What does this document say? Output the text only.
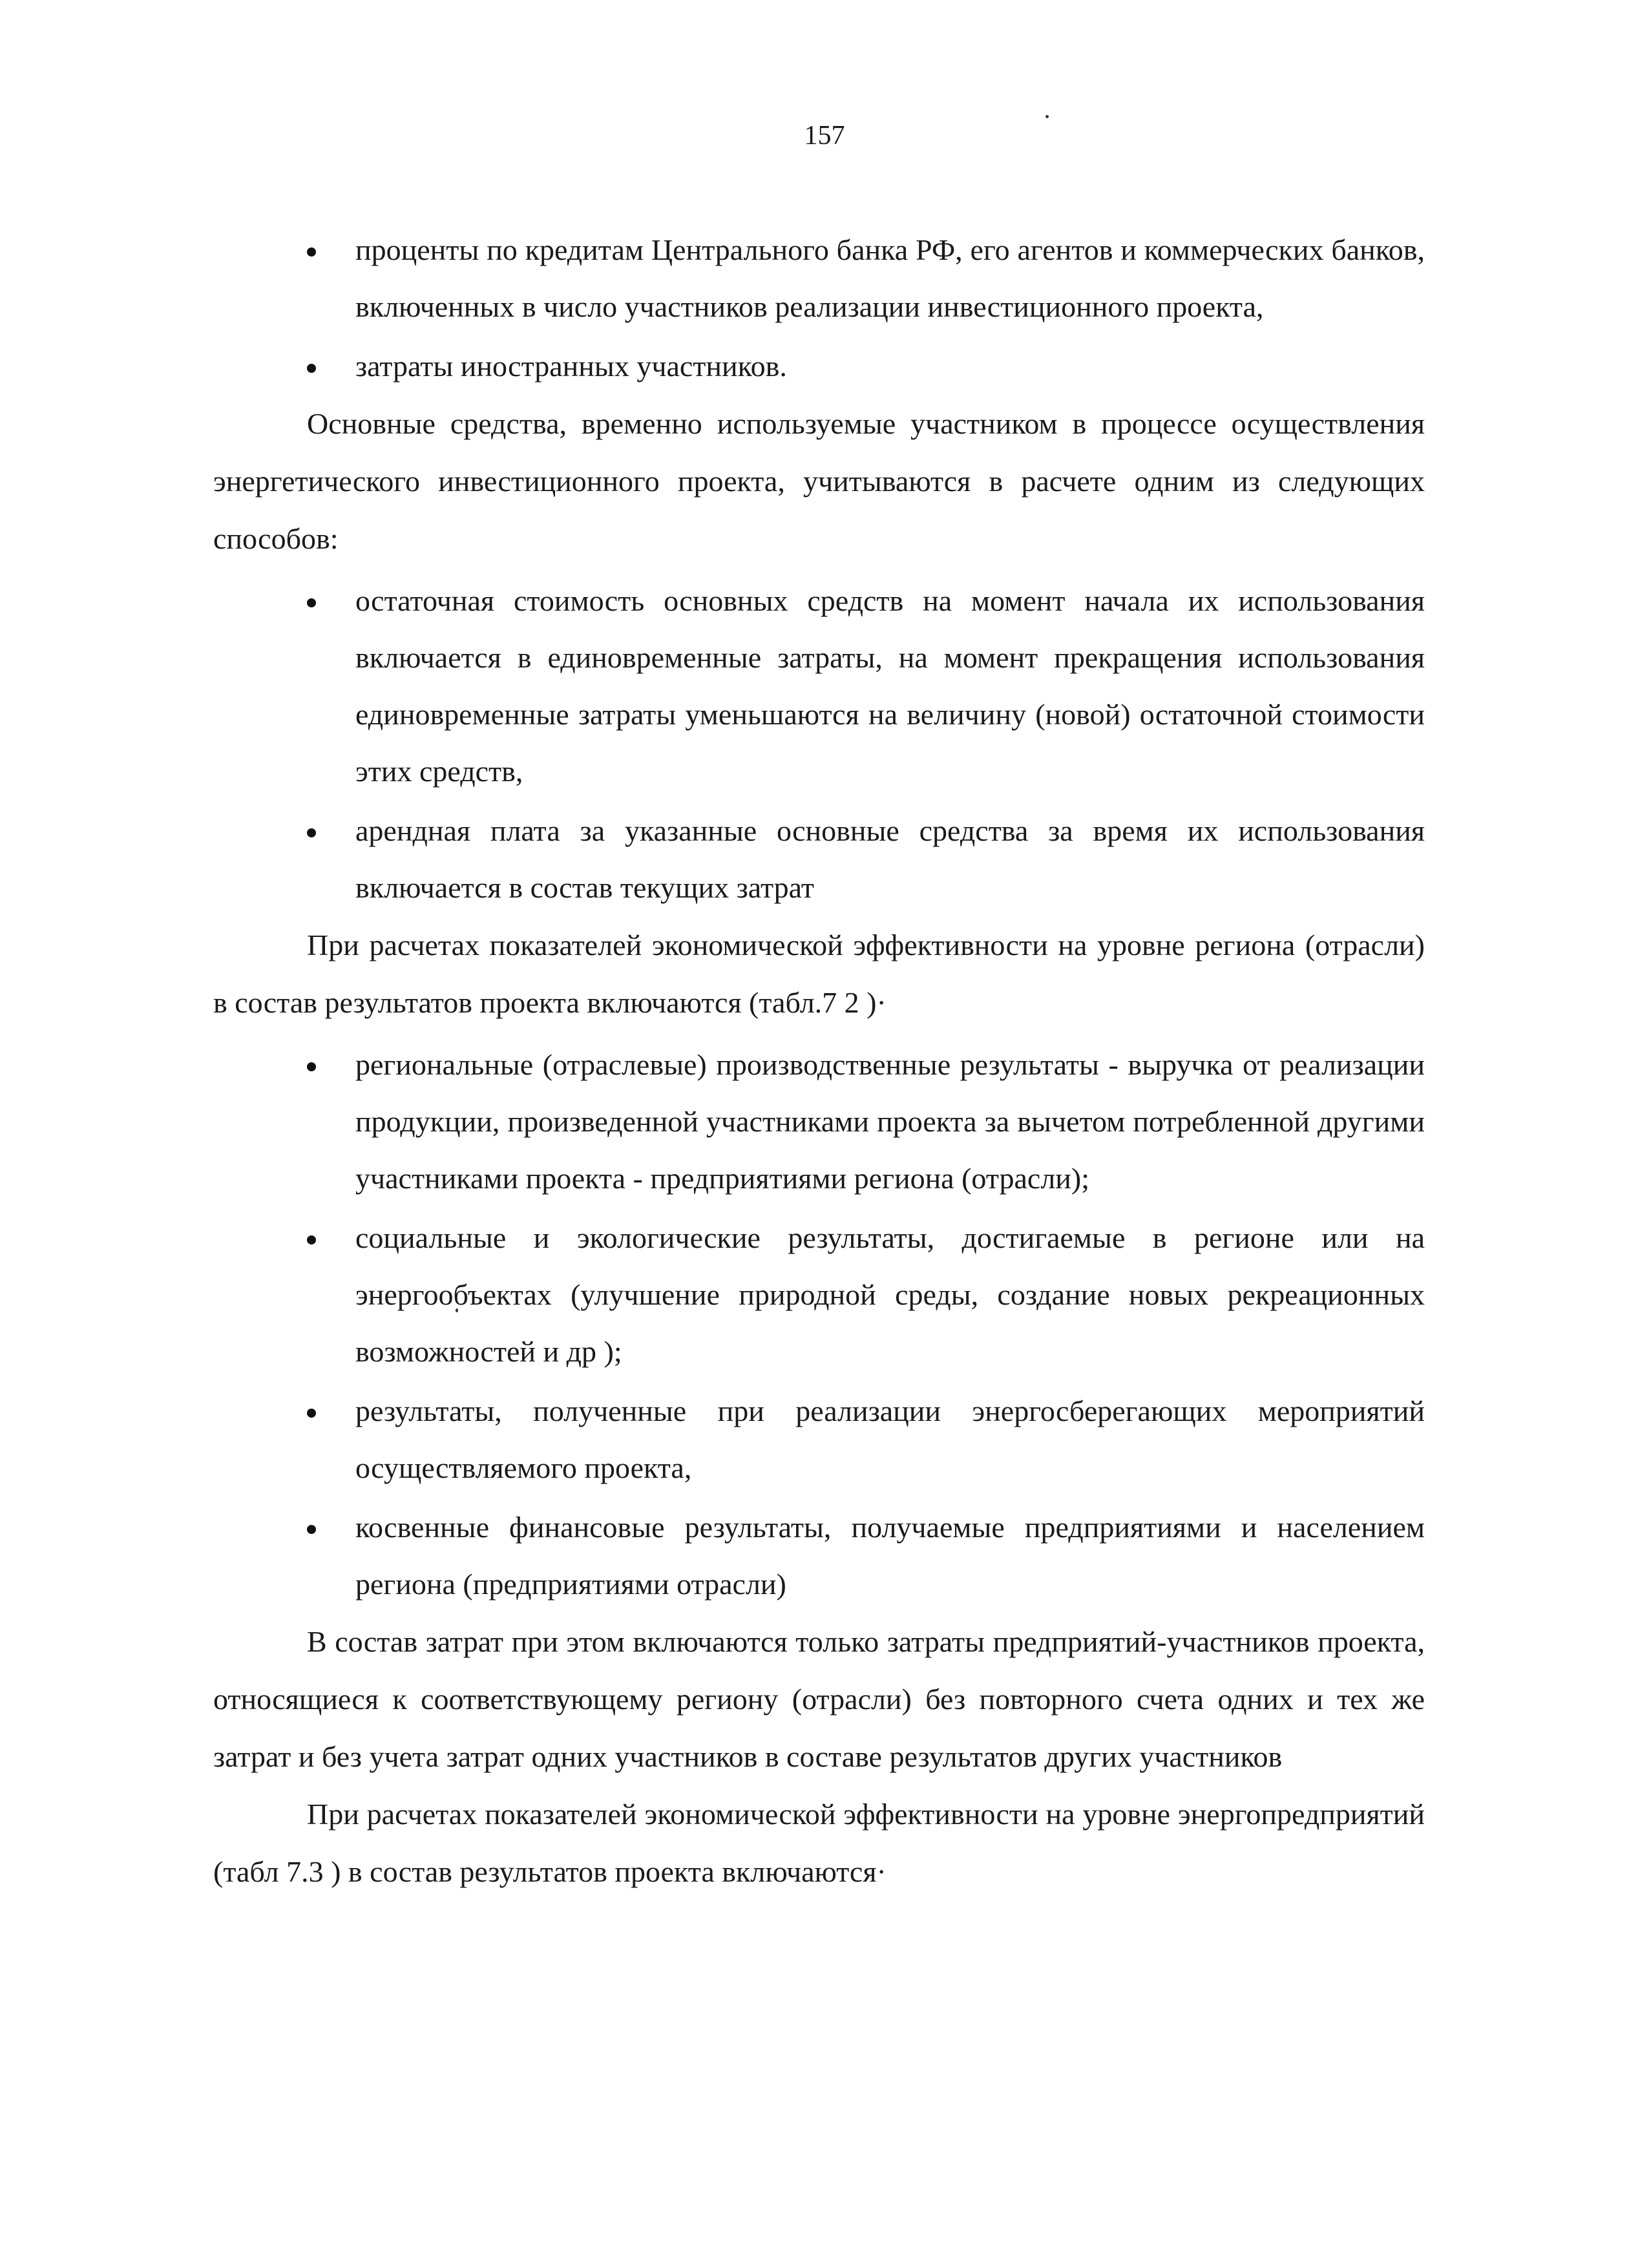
157
проценты по кредитам Центрального банка РФ, его агентов и коммерческих банков, включенных в число участников реализации инвестиционного проекта,
затраты иностранных участников.
Основные средства, временно используемые участником в процессе осуществления энергетического инвестиционного проекта, учитываются в расчете одним из следующих способов:
остаточная стоимость основных средств на момент начала их использования включается в единовременные затраты, на момент прекращения использования единовременные затраты уменьшаются на величину (новой) остаточной стоимости этих средств,
арендная плата за указанные основные средства за время их использования включается в состав текущих затрат
При расчетах показателей экономической эффективности на уровне региона (отрасли) в состав результатов проекта включаются (табл.7 2 )·
региональные (отраслевые) производственные результаты - выручка от реализации продукции, произведенной участниками проекта за вычетом потребленной другими участниками проекта - предприятиями региона (отрасли);
социальные и экологические результаты, достигаемые в регионе или на энергообъектах (улучшение природной среды, создание новых рекреационных возможностей и др );
результаты, полученные при реализации энергосберегающих мероприятий осуществляемого проекта,
косвенные финансовые результаты, получаемые предприятиями и населением региона (предприятиями отрасли)
В состав затрат при этом включаются только затраты предприятий-участников проекта, относящиеся к соответствующему региону (отрасли) без повторного счета одних и тех же затрат и без учета затрат одних участников в составе результатов других участников
При расчетах показателей экономической эффективности на уровне энергопредприятий (табл 7.3 ) в состав результатов проекта включаются·
